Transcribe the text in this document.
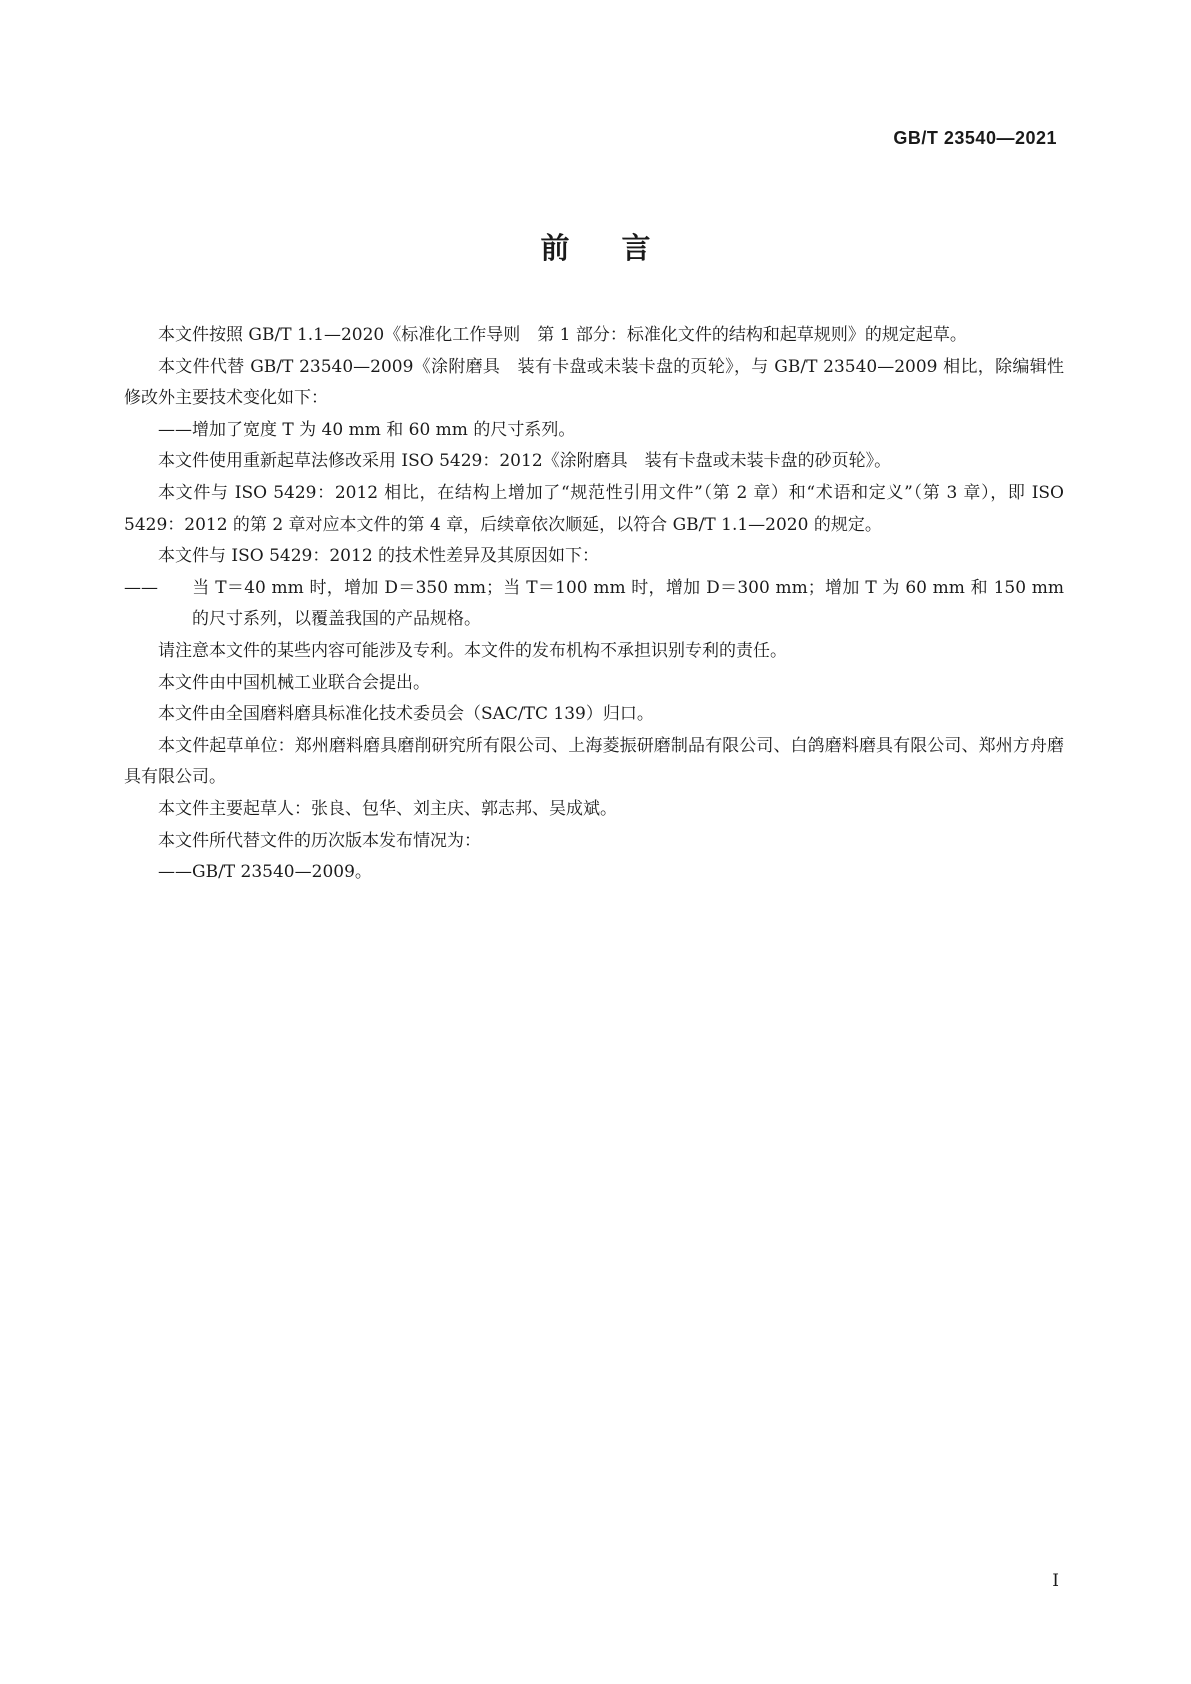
GB/T 23540—2021
前言

本文件按照 GB/T 1.1—2020《标准化工作导则　第 1 部分：标准化文件的结构和起草规则》的规定起草。

本文件代替 GB/T 23540—2009《涂附磨具　装有卡盘或未装卡盘的页轮》，与 GB/T 23540—2009 相比，除编辑性修改外主要技术变化如下：

——增加了宽度 T 为 40 mm 和 60 mm 的尺寸系列。

本文件使用重新起草法修改采用 ISO 5429：2012《涂附磨具　装有卡盘或未装卡盘的砂页轮》。

本文件与 ISO 5429：2012 相比，在结构上增加了“规范性引用文件”（第 2 章）和“术语和定义”（第 3 章），即 ISO 5429：2012 的第 2 章对应本文件的第 4 章，后续章依次顺延，以符合 GB/T 1.1—2020 的规定。

本文件与 ISO 5429：2012 的技术性差异及其原因如下：

—— 当 T＝40 mm 时，增加 D＝350 mm；当 T＝100 mm 时，增加 D＝300 mm；增加 T 为 60 mm 和 150 mm 的尺寸系列，以覆盖我国的产品规格。

请注意本文件的某些内容可能涉及专利。本文件的发布机构不承担识别专利的责任。

本文件由中国机械工业联合会提出。

本文件由全国磨料磨具标准化技术委员会（SAC/TC 139）归口。

本文件起草单位：郑州磨料磨具磨削研究所有限公司、上海菱振研磨制品有限公司、白鸽磨料磨具有限公司、郑州方舟磨具有限公司。

本文件主要起草人：张良、包华、刘主庆、郭志邦、吴成斌。

本文件所代替文件的历次版本发布情况为：

——GB/T 23540—2009。

I
